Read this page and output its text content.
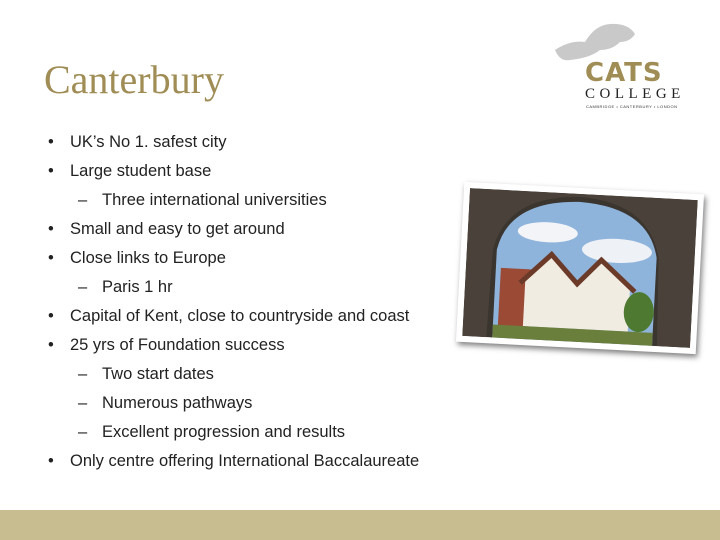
Canterbury	CATS
COLLEGE
CAMBRIDGE • CANTERBURY • LONDON
• UK’s No 1. safest city
• Large student base
– Three international universities
• Small and easy to get around
• Close links to Europe
– Paris 1 hr
• Capital of Kent, close to countryside and coast
• 25 yrs of Foundation success
– Two start dates
– Numerous pathways
– Excellent progression and results
• Only centre offering International Baccalaureate
